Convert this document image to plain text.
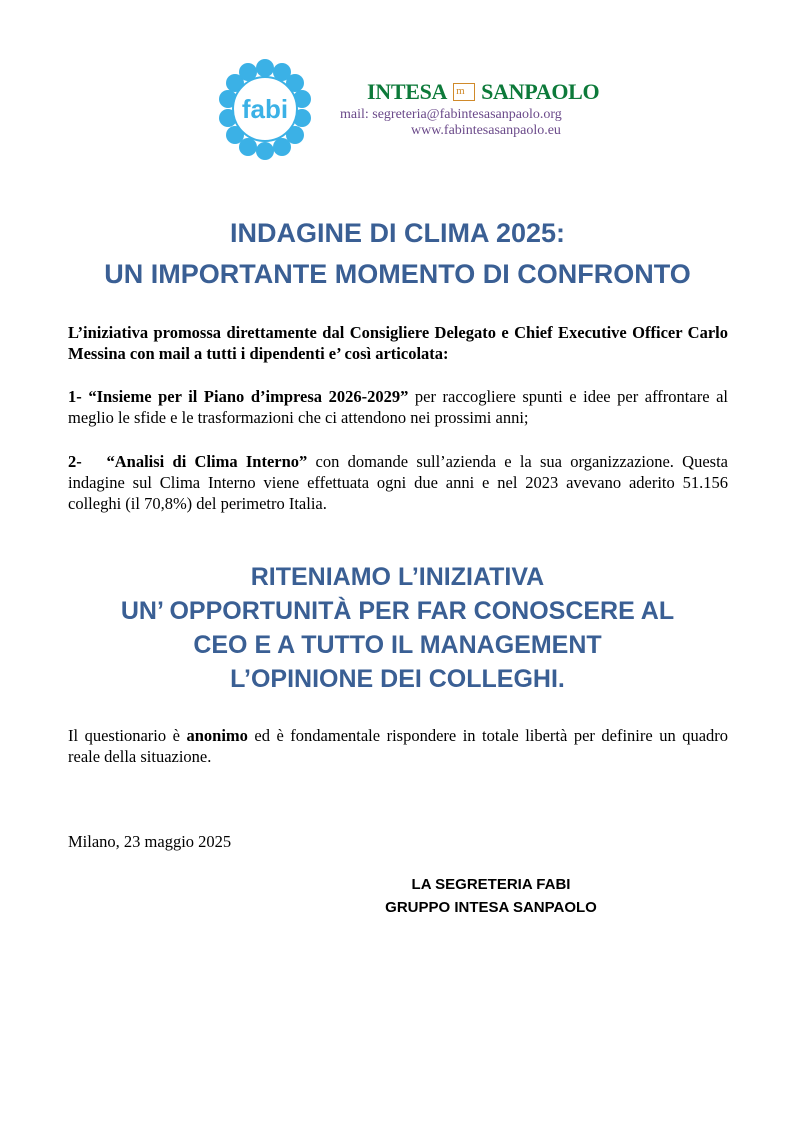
fabi
INTESA m SANPAOLO
mail: segreteria@fabintesasanpaolo.org
www.fabintesasanpaolo.eu
INDAGINE DI CLIMA 2025:
UN IMPORTANTE MOMENTO DI CONFRONTO
L’iniziativa promossa direttamente dal Consigliere Delegato e Chief Executive Officer Carlo Messina con mail a tutti i dipendenti e’ così articolata:
1- “Insieme per il Piano d’impresa 2026-2029” per raccogliere spunti e idee per affrontare al meglio le sfide e le trasformazioni che ci attendono nei prossimi anni;
2- “Analisi di Clima Interno” con domande sull’azienda e la sua organizzazione. Questa indagine sul Clima Interno viene effettuata ogni due anni e nel 2023 avevano aderito 51.156 colleghi (il 70,8%) del perimetro Italia.
RITENIAMO L’INIZIATIVA
UN’ OPPORTUNITÀ PER FAR CONOSCERE AL
CEO E A TUTTO IL MANAGEMENT
L’OPINIONE DEI COLLEGHI.
Il questionario è anonimo ed è fondamentale rispondere in totale libertà per definire un quadro reale della situazione.
Milano, 23 maggio 2025
LA SEGRETERIA FABI
GRUPPO INTESA SANPAOLO
